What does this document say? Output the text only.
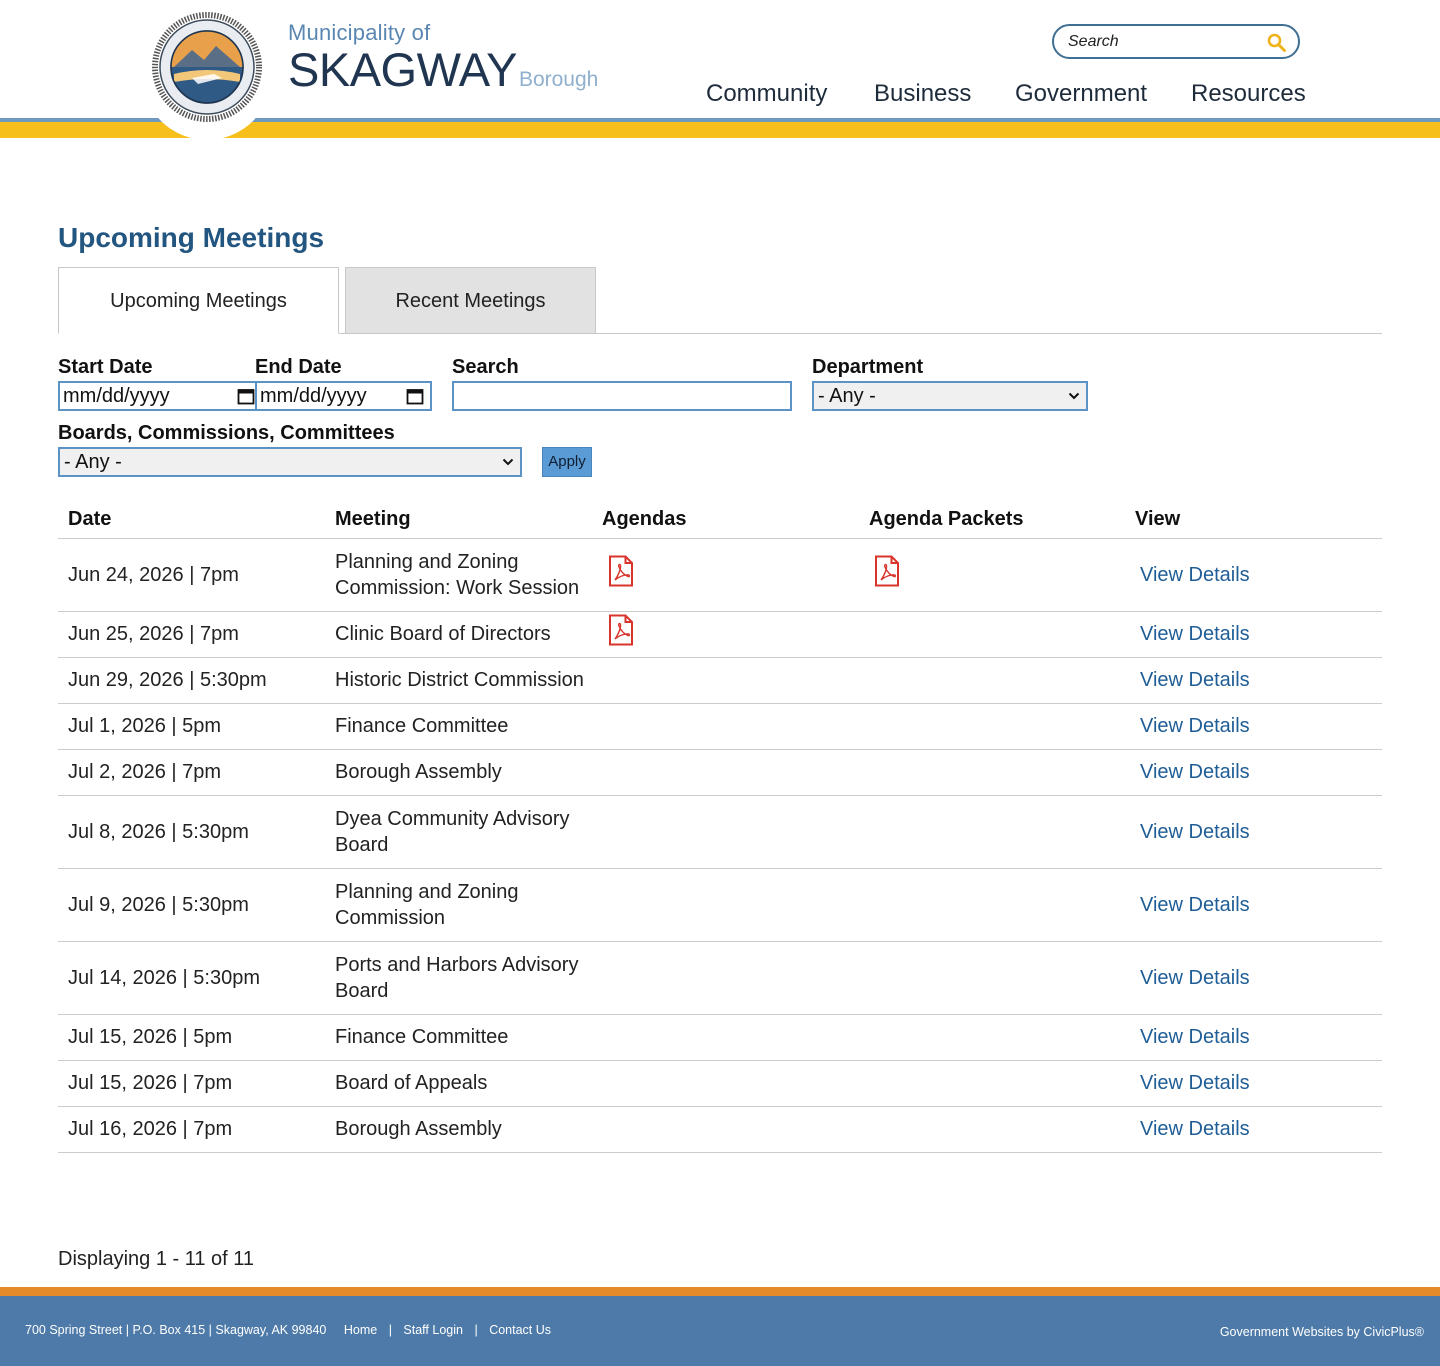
Municipality of
SKAGWAYBorough
Search
Community Business Government Resources
Upcoming Meetings
Upcoming Meetings	Recent Meetings
Start Date
mm/dd/yyyy
End Date
mm/dd/yyyy
Search	Department
- Any -
Boards, Commissions, Committees
- Any -	Apply
Date	Meeting	Agendas	Agenda Packets	View
Jun 24, 2026 | 7pm
Planning and Zoning Commission: Work Session
View Details
Jun 25, 2026 | 7pm	Clinic Board of Directors	View Details
Jun 29, 2026 | 5:30pm	Historic District Commission	View Details
Jul 1, 2026 | 5pm	Finance Committee	View Details
Jul 2, 2026 | 7pm	Borough Assembly	View Details
Jul 8, 2026 | 5:30pm
Dyea Community Advisory Board
View Details
Jul 9, 2026 | 5:30pm
Planning and Zoning Commission
View Details
Jul 14, 2026 | 5:30pm
Ports and Harbors Advisory Board
View Details
Jul 15, 2026 | 5pm	Finance Committee	View Details
Jul 15, 2026 | 7pm	Board of Appeals	View Details
Jul 16, 2026 | 7pm	Borough Assembly	View Details
Displaying 1 - 11 of 11
700 Spring Street | P.O. Box 415 | Skagway, AK 99840 Home | Staff Login | Contact Us	Government Websites by CivicPlus®
